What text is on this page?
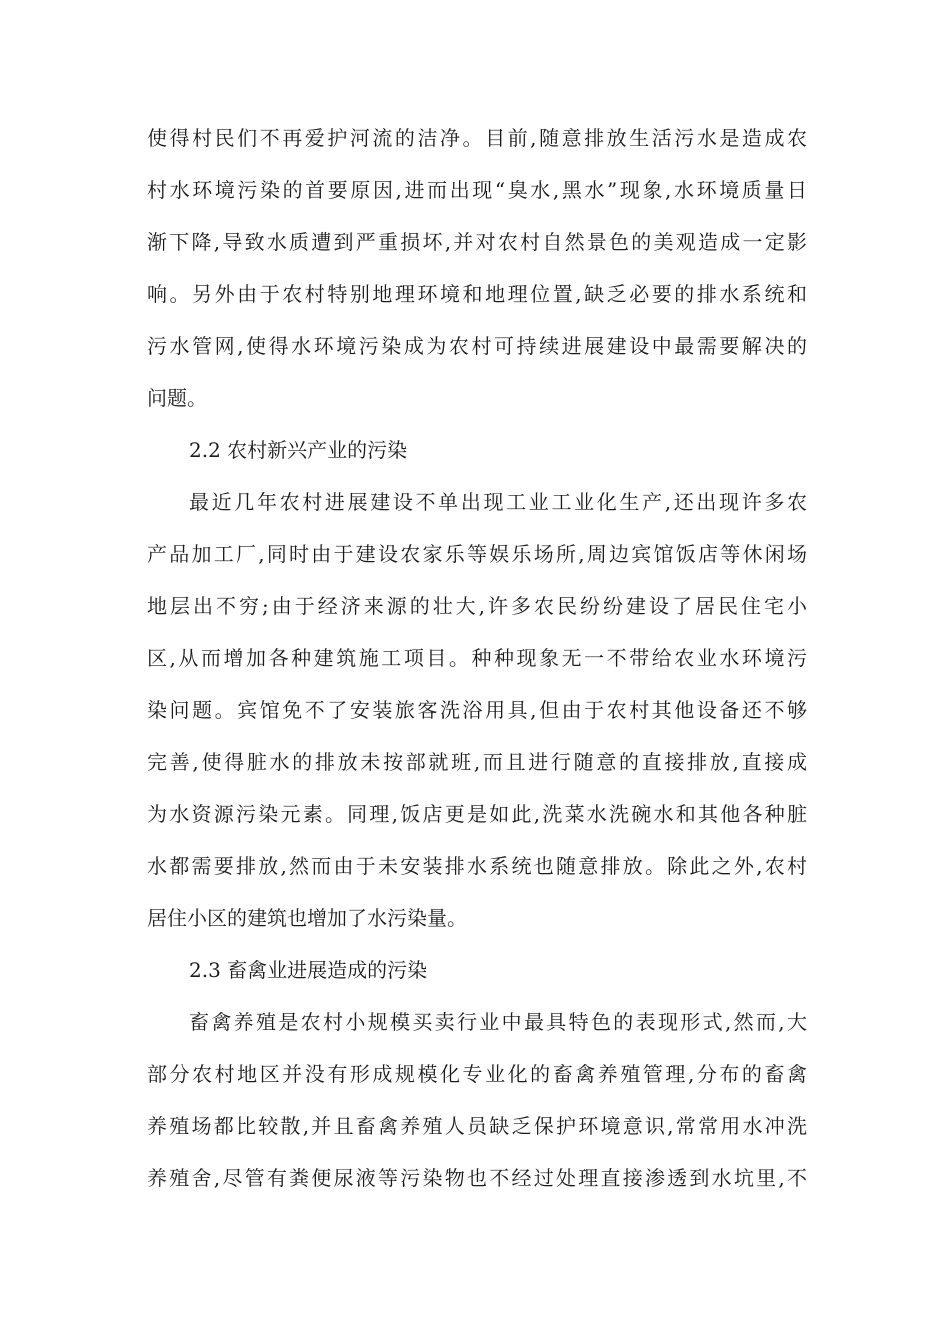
使得村民们不再爱护河流的洁净。目前,随意排放生活污水是造成农
村水环境污染的首要原因,进而出现“臭水,黑水”现象,水环境质量日
渐下降,导致水质遭到严重损坏,并对农村自然景色的美观造成一定影
响。另外由于农村特别地理环境和地理位置,缺乏必要的排水系统和
污水管网,使得水环境污染成为农村可持续进展建设中最需要解决的
问题。
2.2 农村新兴产业的污染
最近几年农村进展建设不单出现工业工业化生产,还出现许多农
产品加工厂,同时由于建设农家乐等娱乐场所,周边宾馆饭店等休闲场
地层出不穷;由于经济来源的壮大,许多农民纷纷建设了居民住宅小
区,从而增加各种建筑施工项目。种种现象无一不带给农业水环境污
染问题。宾馆免不了安装旅客洗浴用具,但由于农村其他设备还不够
完善,使得脏水的排放未按部就班,而且进行随意的直接排放,直接成
为水资源污染元素。同理,饭店更是如此,洗菜水洗碗水和其他各种脏
水都需要排放,然而由于未安装排水系统也随意排放。除此之外,农村
居住小区的建筑也增加了水污染量。
2.3 畜禽业进展造成的污染
畜禽养殖是农村小规模买卖行业中最具特色的表现形式,然而,大
部分农村地区并没有形成规模化专业化的畜禽养殖管理,分布的畜禽
养殖场都比较散,并且畜禽养殖人员缺乏保护环境意识,常常用水冲洗
养殖舍,尽管有粪便尿液等污染物也不经过处理直接渗透到水坑里,不
